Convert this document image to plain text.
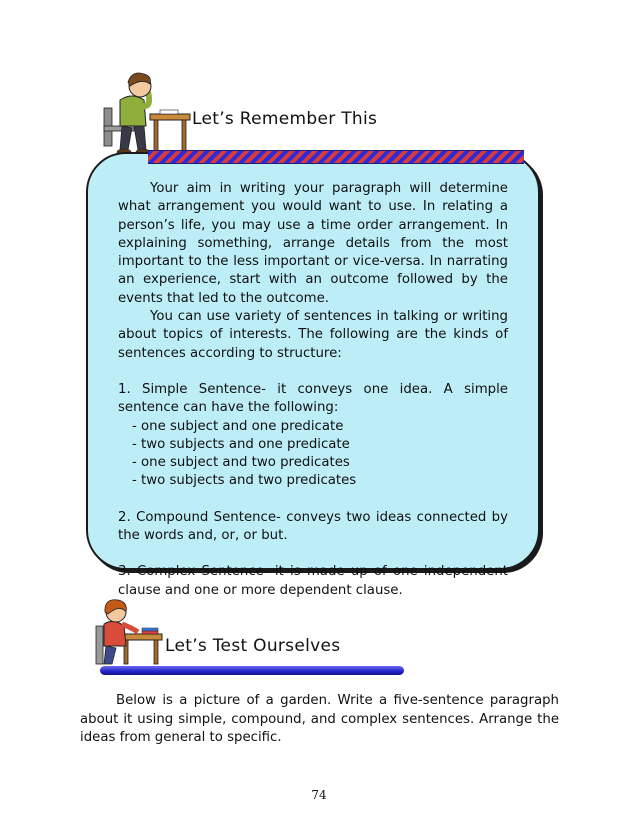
Let’s Remember This

Your aim in writing your paragraph will determine what arrangement you would want to use. In relating a person’s life, you may use a time order arrangement. In explaining something, arrange details from the most important to the less important or vice-versa. In narrating an experience, start with an outcome followed by the events that led to the outcome.

You can use variety of sentences in talking or writing about topics of interests. The following are the kinds of sentences according to structure:

1. Simple Sentence- it conveys one idea. A simple sentence can have the following:

- one subject and one predicate

- two subjects and one predicate

- one subject and two predicates

- two subjects and two predicates

2. Compound Sentence- conveys two ideas connected by the words and, or, or but.

3. Complex Sentence- it is made up of one independent clause and one or more dependent clause.

Let’s Test Ourselves

Below is a picture of a garden. Write a five-sentence paragraph about it using simple, compound, and complex sentences. Arrange the ideas from general to specific.

74
